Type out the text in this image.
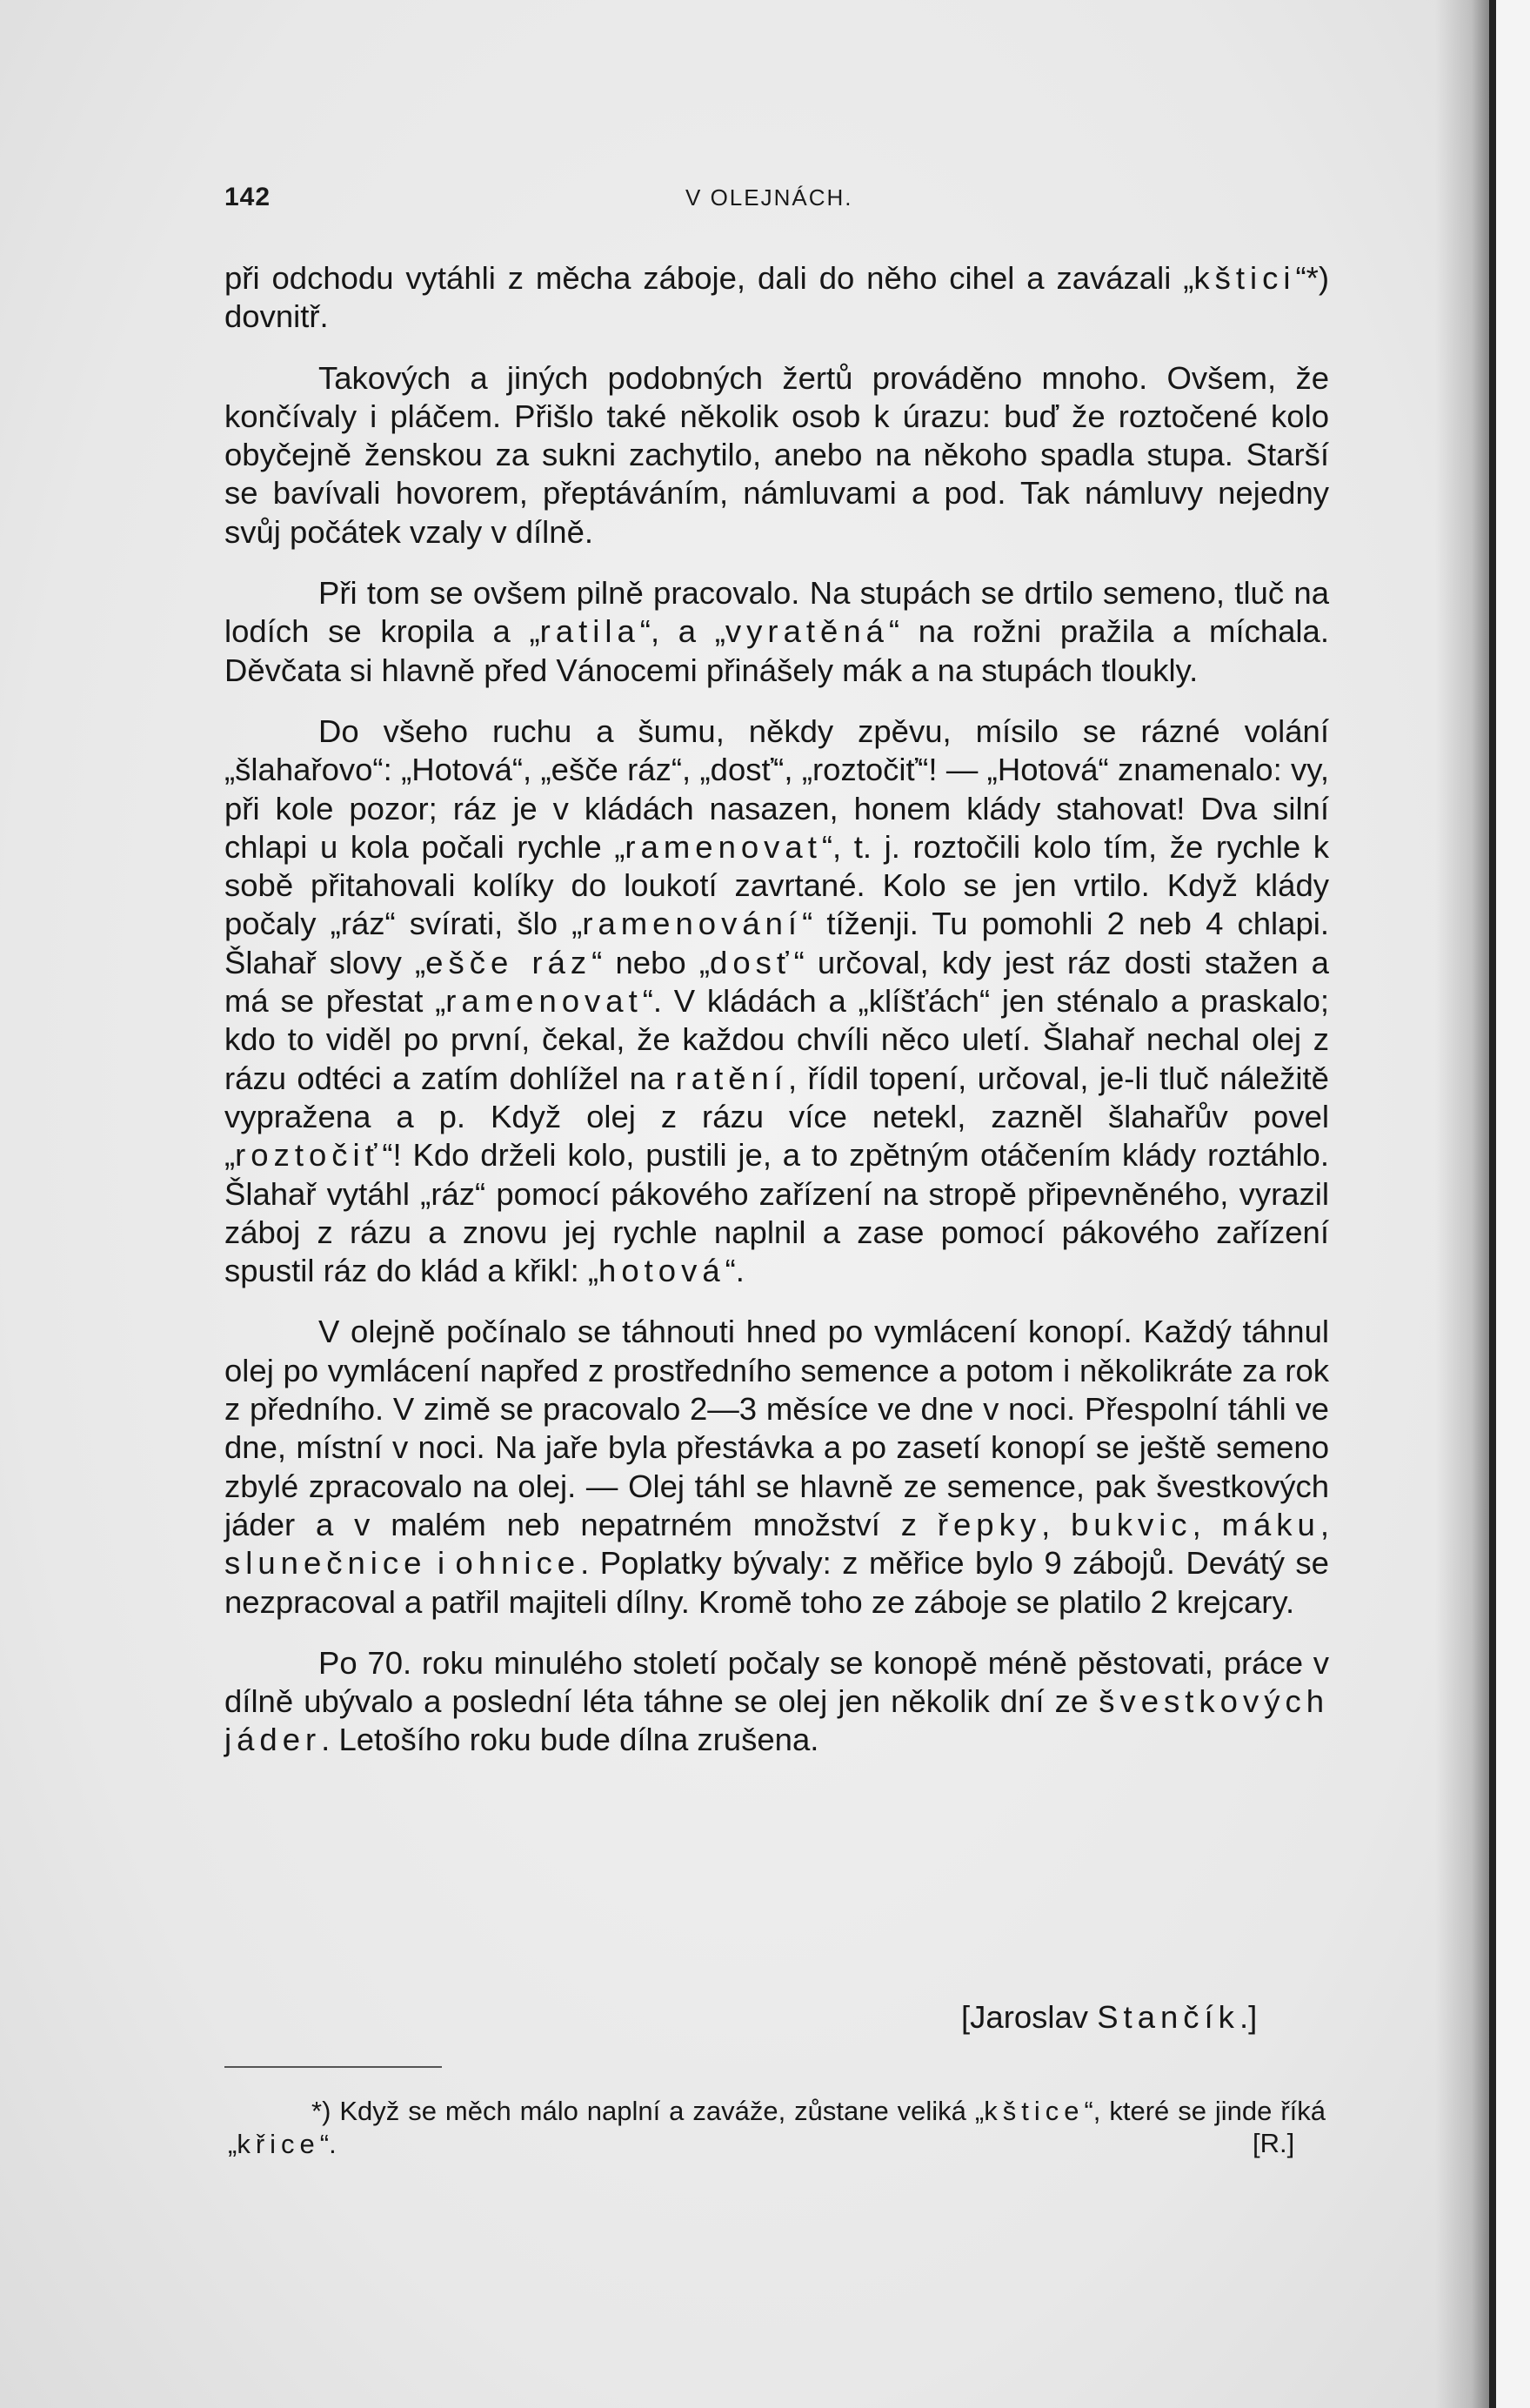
142	V OLEJNÁCH.

při odchodu vytáhli z měcha záboje, dali do něho cihel a zavázali „kštici“*) dovnitř.

Takových a jiných podobných žertů prováděno mnoho. Ovšem, že končívaly i pláčem. Přišlo také několik osob k úrazu: buď že roztočené kolo obyčejně ženskou za sukni zachytilo, anebo na někoho spadla stupa. Starší se bavívali hovorem, přeptáváním, námluvami a pod. Tak námluvy nejedny svůj počátek vzaly v dílně.

Při tom se ovšem pilně pracovalo. Na stupách se drtilo semeno, tluč na lodích se kropila a „ratila“, a „vyratěná“ na rožni pražila a míchala. Děvčata si hlavně před Vánocemi přinášely mák a na stupách tloukly.

Do všeho ruchu a šumu, někdy zpěvu, mísilo se rázné volání „šlahařovo“: „Hotová“, „ešče ráz“, „dosť“, „roztočiť“! — „Hotová“ znamenalo: vy, při kole pozor; ráz je v kládách nasazen, honem klády stahovat! Dva silní chlapi u kola počali rychle „ramenovat“, t. j. roztočili kolo tím, že rychle k sobě přitahovali kolíky do loukotí zavrtané. Kolo se jen vrtilo. Když klády počaly „ráz“ svírati, šlo „ramenování“ tíženji. Tu pomohli 2 neb 4 chlapi. Šlahař slovy „ešče ráz“ nebo „dosť“ určoval, kdy jest ráz dosti stažen a má se přestat „ramenovat“. V kládách a „klíšťách“ jen sténalo a praskalo; kdo to viděl po první, čekal, že každou chvíli něco uletí. Šlahař nechal olej z rázu odtéci a zatím dohlížel na ratění, řídil topení, určoval, je-li tluč náležitě vypražena a p. Když olej z rázu více netekl, zazněl šlahařův povel „roztočiť“! Kdo drželi kolo, pustili je, a to zpětným otáčením klády roztáhlo. Šlahař vytáhl „ráz“ pomocí pákového zařízení na stropě připevněného, vyrazil záboj z rázu a znovu jej rychle naplnil a zase pomocí pákového zařízení spustil ráz do klád a křikl: „hotová“.

V olejně počínalo se táhnouti hned po vymlácení konopí. Každý táhnul olej po vymlácení napřed z prostředního semence a potom i několikráte za rok z předního. V zimě se pracovalo 2—3 měsíce ve dne v noci. Přespolní táhli ve dne, místní v noci. Na jaře byla přestávka a po zasetí konopí se ještě semeno zbylé zpracovalo na olej. — Olej táhl se hlavně ze semence, pak švestkových jáder a v malém neb nepatrném množství z řepky, bukvic, máku, slunečnice i ohnice. Poplatky bývaly: z měřice bylo 9 zábojů. Devátý se nezpracoval a patřil majiteli dílny. Kromě toho ze záboje se platilo 2 krejcary.

Po 70. roku minulého století počaly se konopě méně pěstovati, práce v dílně ubývalo a poslední léta táhne se olej jen několik dní ze švestkových jáder. Letošího roku bude dílna zrušena.

[Jaroslav Stančík.]
*) Když se měch málo naplní a zaváže, zůstane veliká „kštice“, které se jinde říká „křice“.	[R.]
